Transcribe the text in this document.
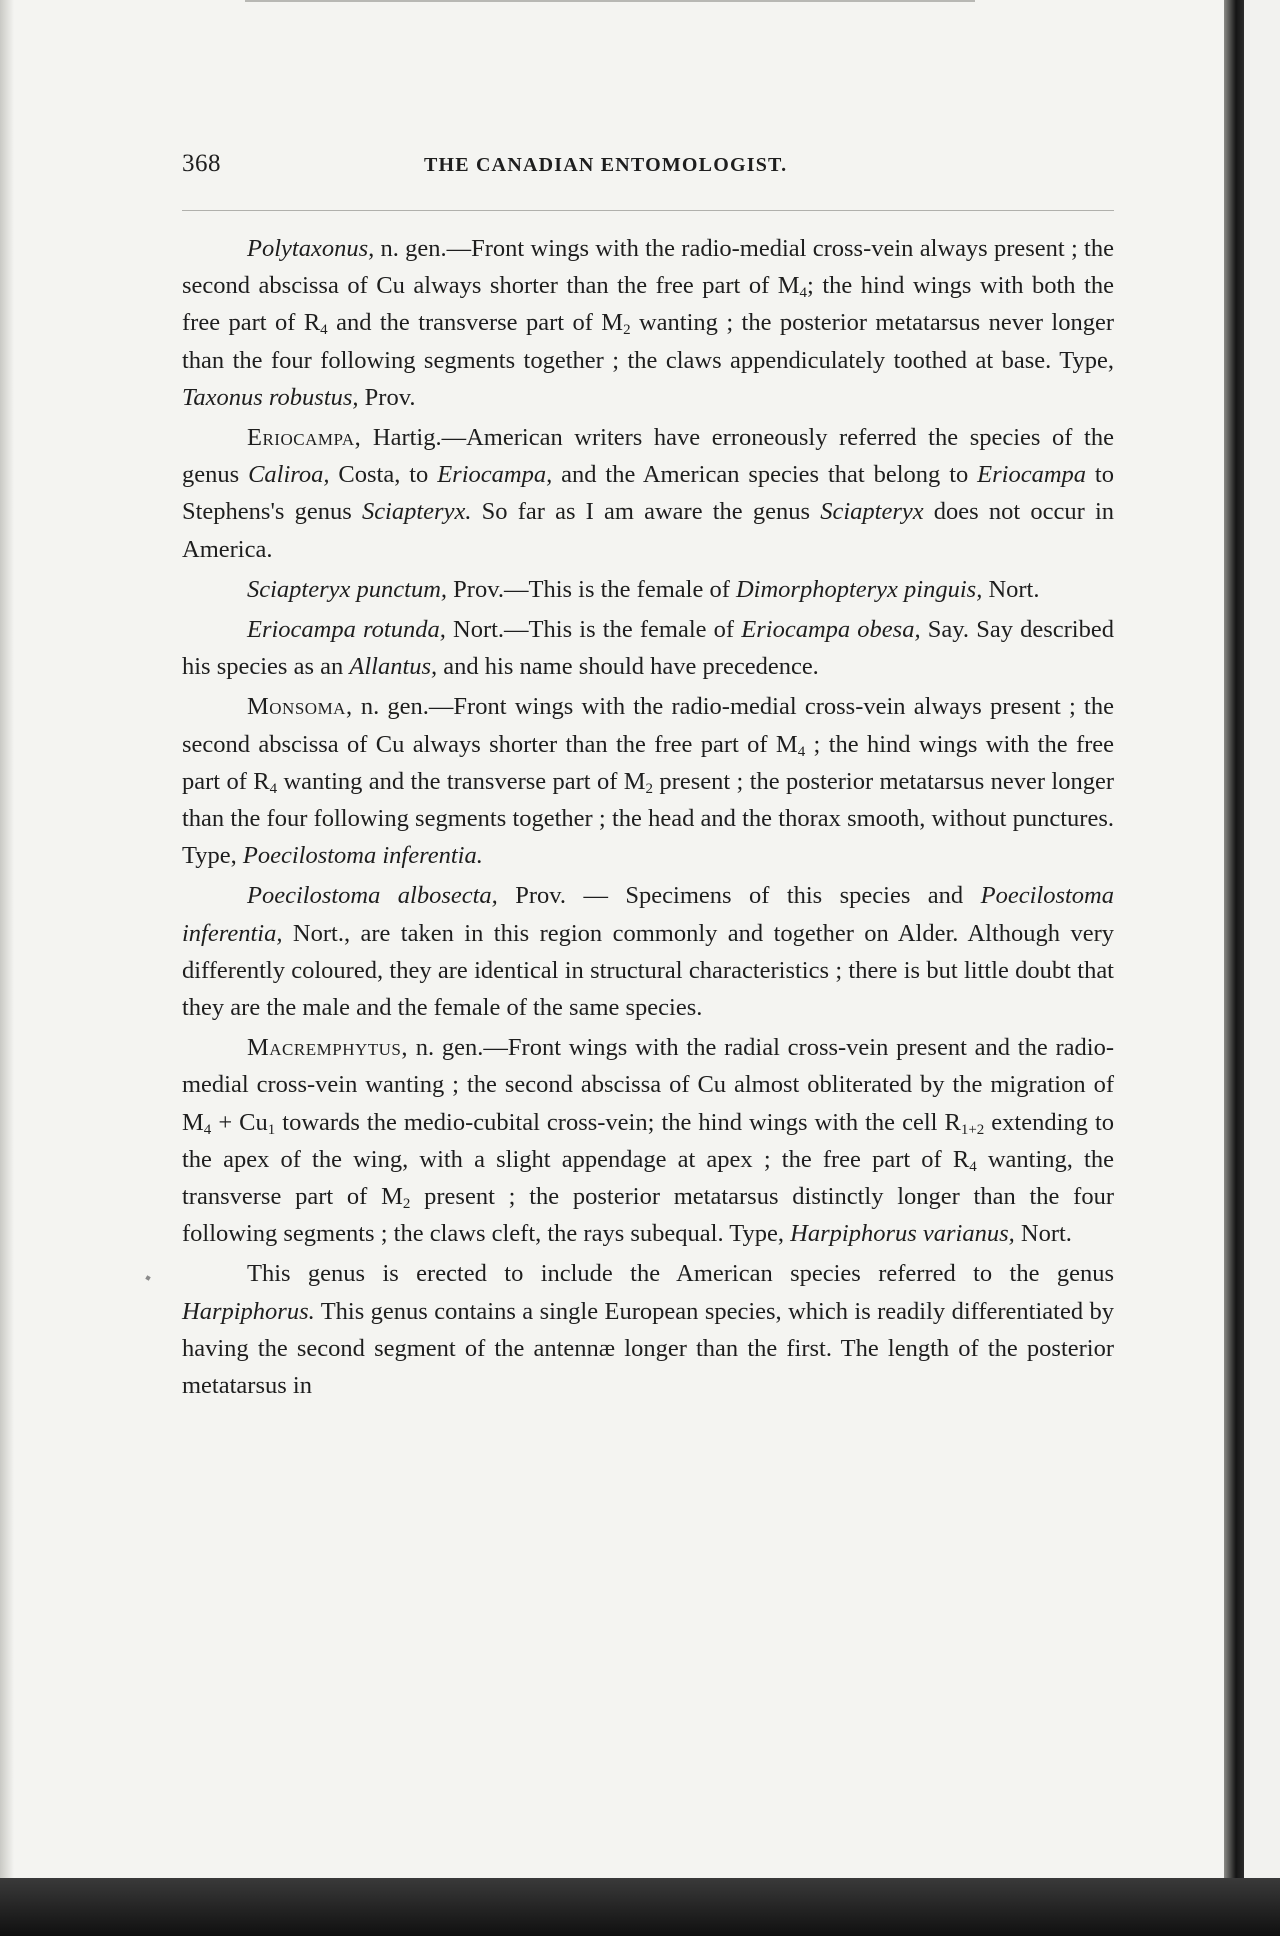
368	THE CANADIAN ENTOMOLOGIST.

Polytaxonus, n. gen.—Front wings with the radio-medial cross-vein always present ; the second abscissa of Cu always shorter than the free part of $M_4$; the hind wings with both the free part of $R_4$ and the transverse part of $M_2$ wanting ; the posterior metatarsus never longer than the four following segments together ; the claws appendiculately toothed at base. Type, Taxonus robustus, Prov.

Eriocampa, Hartig.—American writers have erroneously referred the species of the genus Caliroa, Costa, to Eriocampa, and the American species that belong to Eriocampa to Stephens's genus Sciapteryx. So far as I am aware the genus Sciapteryx does not occur in America.

Sciapteryx punctum, Prov.—This is the female of Dimorphopteryx pinguis, Nort.

Eriocampa rotunda, Nort.—This is the female of Eriocampa obesa, Say. Say described his species as an Allantus, and his name should have precedence.

Monsoma, n. gen.—Front wings with the radio-medial cross-vein always present ; the second abscissa of Cu always shorter than the free part of $M_4$ ; the hind wings with the free part of $R_4$ wanting and the transverse part of $M_2$ present ; the posterior metatarsus never longer than the four following segments together ; the head and the thorax smooth, without punctures. Type, Poecilostoma inferentia.

Poecilostoma albosecta, Prov. — Specimens of this species and Poecilostoma inferentia, Nort., are taken in this region commonly and together on Alder. Although very differently coloured, they are identical in structural characteristics ; there is but little doubt that they are the male and the female of the same species.

Macremphytus, n. gen.—Front wings with the radial cross-vein present and the radio-medial cross-vein wanting ; the second abscissa of Cu almost obliterated by the migration of $M_4 + Cu_1$ towards the medio-cubital cross-vein; the hind wings with the cell $R_{1+2}$ extending to the apex of the wing, with a slight appendage at apex ; the free part of $R_4$ wanting, the transverse part of $M_2$ present ; the posterior metatarsus distinctly longer than the four following segments ; the claws cleft, the rays subequal. Type, Harpiphorus varianus, Nort.

This genus is erected to include the American species referred to the genus Harpiphorus. This genus contains a single European species, which is readily differentiated by having the second segment of the antennæ longer than the first. The length of the posterior metatarsus in
